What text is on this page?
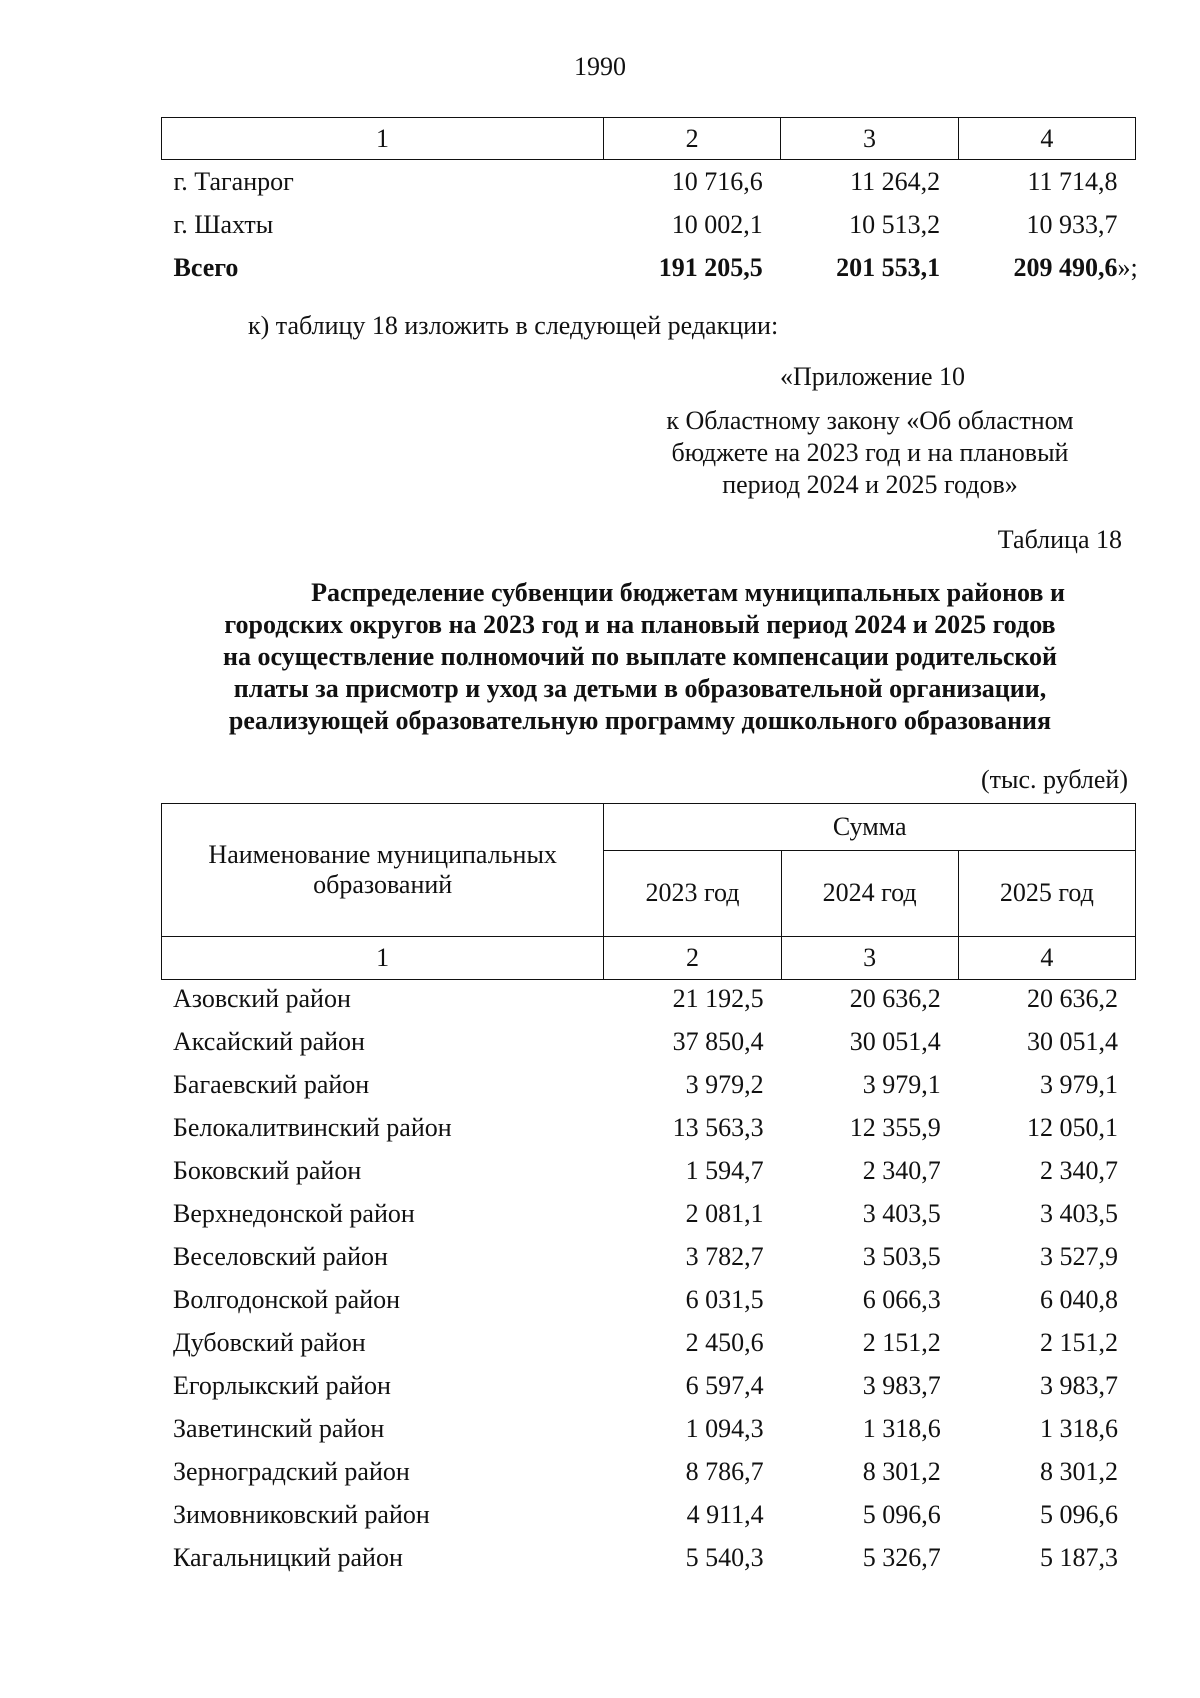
1990
1	2	3	4
г. Таганрог	10 716,6	11 264,2	11 714,8
г. Шахты	10 002,1	10 513,2	10 933,7
Всего	191 205,5	201 553,1	209 490,6 »;
к) таблицу 18 изложить в следующей редакции:
«Приложение 10
к Областному закону «Об областном
бюджете на 2023 год и на плановый
период 2024 и 2025 годов»
Таблица 18
Распределение субвенции бюджетам муниципальных районов и
городских округов на 2023 год и на плановый период 2024 и 2025 годов
на осуществление полномочий по выплате компенсации родительской
платы за присмотр и уход за детьми в образовательной организации,
реализующей образовательную программу дошкольного образования
(тыс. рублей)
Наименование муниципальных
образований	Сумма		
	2023 год	2024 год	2025 год
1	2	3	4
Азовский район	21 192,5	20 636,2	20 636,2
Аксайский район	37 850,4	30 051,4	30 051,4
Багаевский район	3 979,2	3 979,1	3 979,1
Белокалитвинский район	13 563,3	12 355,9	12 050,1
Боковский район	1 594,7	2 340,7	2 340,7
Верхнедонской район	2 081,1	3 403,5	3 403,5
Веселовский район	3 782,7	3 503,5	3 527,9
Волгодонской район	6 031,5	6 066,3	6 040,8
Дубовский район	2 450,6	2 151,2	2 151,2
Егорлыкский район	6 597,4	3 983,7	3 983,7
Заветинский район	1 094,3	1 318,6	1 318,6
Зерноградский район	8 786,7	8 301,2	8 301,2
Зимовниковский район	4 911,4	5 096,6	5 096,6
Кагальницкий район	5 540,3	5 326,7	5 187,3
